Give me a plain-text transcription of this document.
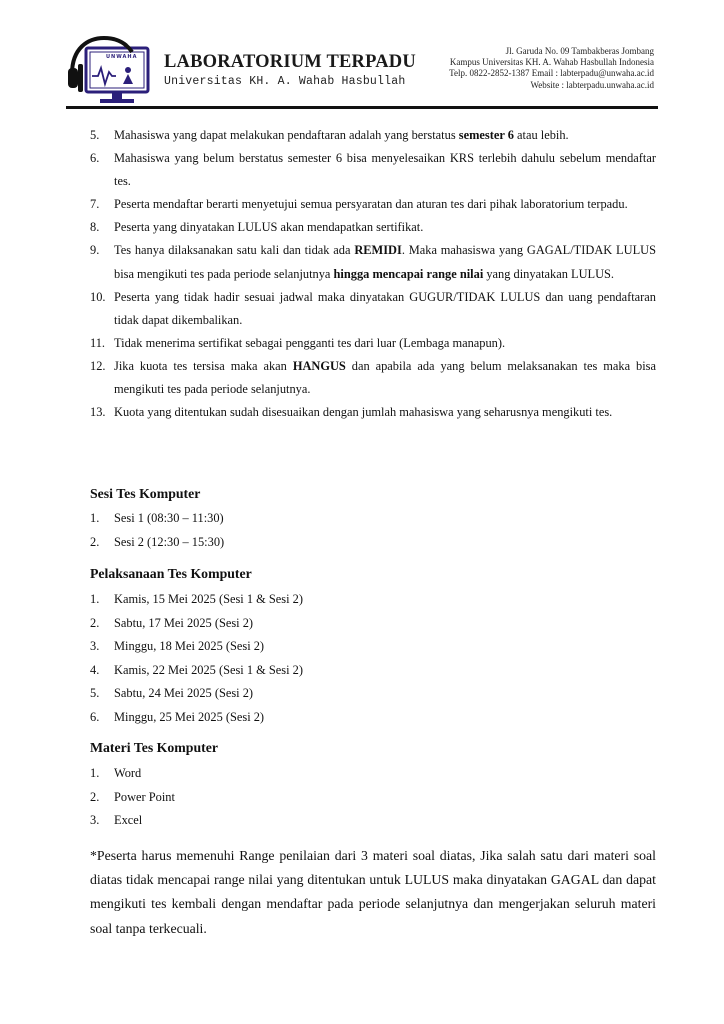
UNWAHA LABORATORIUM TERPADU
Universitas KH. A. Wahab Hasbullah
Jl. Garuda No. 09 Tambakberas Jombang
Kampus Universitas KH. A. Wahab Hasbullah Indonesia
Telp. 0822-2852-1387 Email : labterpadu@unwaha.ac.id
Website : labterpadu.unwaha.ac.id
5. Mahasiswa yang dapat melakukan pendaftaran adalah yang berstatus semester 6 atau lebih.
6. Mahasiswa yang belum berstatus semester 6 bisa menyelesaikan KRS terlebih dahulu sebelum mendaftar tes.
7. Peserta mendaftar berarti menyetujui semua persyaratan dan aturan tes dari pihak laboratorium terpadu.
8. Peserta yang dinyatakan LULUS akan mendapatkan sertifikat.
9. Tes hanya dilaksanakan satu kali dan tidak ada REMIDI. Maka mahasiswa yang GAGAL/TIDAK LULUS bisa mengikuti tes pada periode selanjutnya hingga mencapai range nilai yang dinyatakan LULUS.
10. Peserta yang tidak hadir sesuai jadwal maka dinyatakan GUGUR/TIDAK LULUS dan uang pendaftaran tidak dapat dikembalikan.
11. Tidak menerima sertifikat sebagai pengganti tes dari luar (Lembaga manapun).
12. Jika kuota tes tersisa maka akan HANGUS dan apabila ada yang belum melaksanakan tes maka bisa mengikuti tes pada periode selanjutnya.
13. Kuota yang ditentukan sudah disesuaikan dengan jumlah mahasiswa yang seharusnya mengikuti tes.
Sesi Tes Komputer
1. Sesi 1 (08:30 – 11:30)
2. Sesi 2 (12:30 – 15:30)
Pelaksanaan Tes Komputer
1. Kamis, 15 Mei 2025 (Sesi 1 & Sesi 2)
2. Sabtu, 17 Mei 2025 (Sesi 2)
3. Minggu, 18 Mei 2025 (Sesi 2)
4. Kamis, 22 Mei 2025 (Sesi 1 & Sesi 2)
5. Sabtu, 24 Mei 2025 (Sesi 2)
6. Minggu, 25 Mei 2025 (Sesi 2)
Materi Tes Komputer
1. Word
2. Power Point
3. Excel
*Peserta harus memenuhi Range penilaian dari 3 materi soal diatas, Jika salah satu dari materi soal diatas tidak mencapai range nilai yang ditentukan untuk LULUS maka dinyatakan GAGAL dan dapat mengikuti tes kembali dengan mendaftar pada periode selanjutnya dan mengerjakan seluruh materi soal tanpa terkecuali.
